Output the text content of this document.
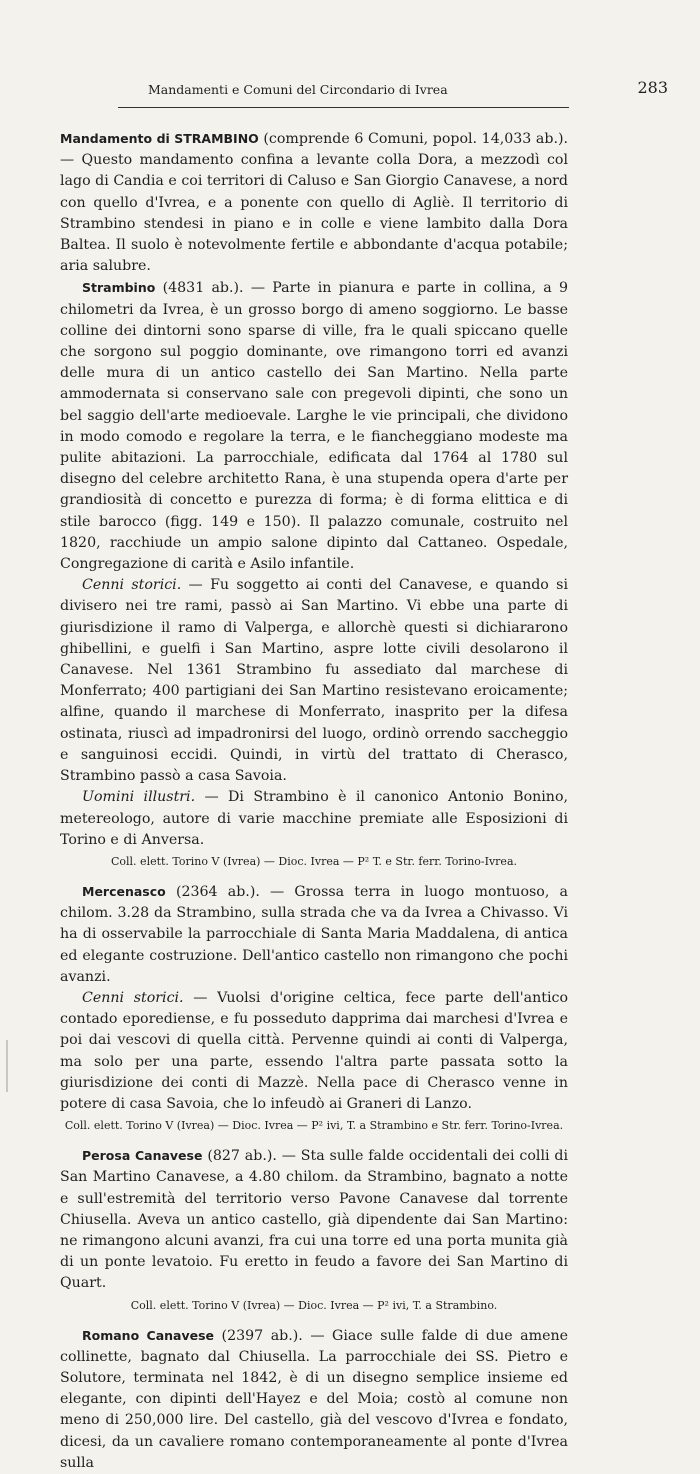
Mandamenti e Comuni del Circondario di Ivrea	283

Mandamento di STRAMBINO (comprende 6 Comuni, popol. 14,033 ab.). — Questo mandamento confina a levante colla Dora, a mezzodì col lago di Candia e coi territori di Caluso e San Giorgio Canavese, a nord con quello d'Ivrea, e a ponente con quello di Agliè. Il territorio di Strambino stendesi in piano e in colle e viene lambito dalla Dora Baltea. Il suolo è notevolmente fertile e abbondante d'acqua potabile; aria salubre.

Strambino (4831 ab.). — Parte in pianura e parte in collina, a 9 chilometri da Ivrea, è un grosso borgo di ameno soggiorno. Le basse colline dei dintorni sono sparse di ville, fra le quali spiccano quelle che sorgono sul poggio dominante, ove rimangono torri ed avanzi delle mura di un antico castello dei San Martino. Nella parte ammodernata si conservano sale con pregevoli dipinti, che sono un bel saggio dell'arte medioevale. Larghe le vie principali, che dividono in modo comodo e regolare la terra, e le fiancheggiano modeste ma pulite abitazioni. La parrocchiale, edificata dal 1764 al 1780 sul disegno del celebre architetto Rana, è una stupenda opera d'arte per grandiosità di concetto e purezza di forma; è di forma elittica e di stile barocco (figg. 149 e 150). Il palazzo comunale, costruito nel 1820, racchiude un ampio salone dipinto dal Cattaneo. Ospedale, Congregazione di carità e Asilo infantile.

Cenni storici. — Fu soggetto ai conti del Canavese, e quando si divisero nei tre rami, passò ai San Martino. Vi ebbe una parte di giurisdizione il ramo di Valperga, e allorchè questi si dichiararono ghibellini, e guelfi i San Martino, aspre lotte civili desolarono il Canavese. Nel 1361 Strambino fu assediato dal marchese di Monferrato; 400 partigiani dei San Martino resistevano eroicamente; alfine, quando il marchese di Monferrato, inasprito per la difesa ostinata, riuscì ad impadronirsi del luogo, ordinò orrendo saccheggio e sanguinosi eccidi. Quindi, in virtù del trattato di Cherasco, Strambino passò a casa Savoia.

Uomini illustri. — Di Strambino è il canonico Antonio Bonino, metereologo, autore di varie macchine premiate alle Esposizioni di Torino e di Anversa.

Coll. elett. Torino V (Ivrea) — Dioc. Ivrea — P² T. e Str. ferr. Torino-Ivrea.

Mercenasco (2364 ab.). — Grossa terra in luogo montuoso, a chilom. 3.28 da Strambino, sulla strada che va da Ivrea a Chivasso. Vi ha di osservabile la parrocchiale di Santa Maria Maddalena, di antica ed elegante costruzione. Dell'antico castello non rimangono che pochi avanzi.

Cenni storici. — Vuolsi d'origine celtica, fece parte dell'antico contado eporediense, e fu posseduto dapprima dai marchesi d'Ivrea e poi dai vescovi di quella città. Pervenne quindi ai conti di Valperga, ma solo per una parte, essendo l'altra parte passata sotto la giurisdizione dei conti di Mazzè. Nella pace di Cherasco venne in potere di casa Savoia, che lo infeudò ai Graneri di Lanzo.

Coll. elett. Torino V (Ivrea) — Dioc. Ivrea — P² ivi, T. a Strambino e Str. ferr. Torino-Ivrea.

Perosa Canavese (827 ab.). — Sta sulle falde occidentali dei colli di San Martino Canavese, a 4.80 chilom. da Strambino, bagnato a notte e sull'estremità del territorio verso Pavone Canavese dal torrente Chiusella. Aveva un antico castello, già dipendente dai San Martino: ne rimangono alcuni avanzi, fra cui una torre ed una porta munita già di un ponte levatoio. Fu eretto in feudo a favore dei San Martino di Quart.

Coll. elett. Torino V (Ivrea) — Dioc. Ivrea — P² ivi, T. a Strambino.

Romano Canavese (2397 ab.). — Giace sulle falde di due amene collinette, bagnato dal Chiusella. La parrocchiale dei SS. Pietro e Solutore, terminata nel 1842, è di un disegno semplice insieme ed elegante, con dipinti dell'Hayez e del Moia; costò al comune non meno di 250,000 lire. Del castello, già del vescovo d'Ivrea e fondato, dicesi, da un cavaliere romano contemporaneamente al ponte d'Ivrea sulla
